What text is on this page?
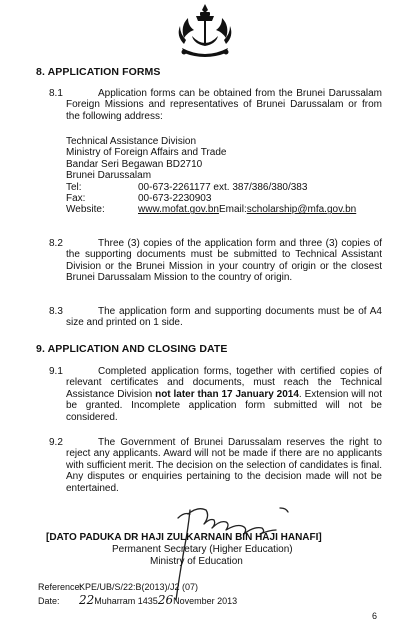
8. APPLICATION FORMS
8.1	Application forms can be obtained from the Brunei Darussalam Foreign Missions and representatives of Brunei Darussalam or from the following address:
Technical Assistance Division
Ministry of Foreign Affairs and Trade
Bandar Seri Begawan BD2710
Brunei Darussalam
Tel:	00-673-2261177 ext. 387/386/380/383
Fax:	00-673-2230903
Website:	www.mofat.gov.bnEmail:scholarship@mfa.gov.bn
8.2	Three (3) copies of the application form and three (3) copies of the supporting documents must be submitted to Technical Assistant Division or the Brunei Mission in your country of origin or the closest Brunei Darussalam Mission to the country of origin.
8.3	The application form and supporting documents must be of A4 size and printed on 1 side.
9. APPLICATION AND CLOSING DATE
9.1	Completed application forms, together with certified copies of relevant certificates and documents, must reach the Technical Assistance Division not later than 17 January 2014. Extension will not be granted. Incomplete application form submitted will not be considered.
9.2	The Government of Brunei Darussalam reserves the right to reject any applicants. Award will not be made if there are no applicants with sufficient merit. The decision on the selection of candidates is final. Any disputes or enquiries pertaining to the decision made will not be entertained.
[DATO PADUKA DR HAJI ZULKARNAIN BIN HAJI HANAFI]
Permanent Secretary (Higher Education)
Ministry of Education
Reference:KPE/UB/S/22:B(2013)/J2 (07)
Date: 22Muharram 143526November 2013
6
